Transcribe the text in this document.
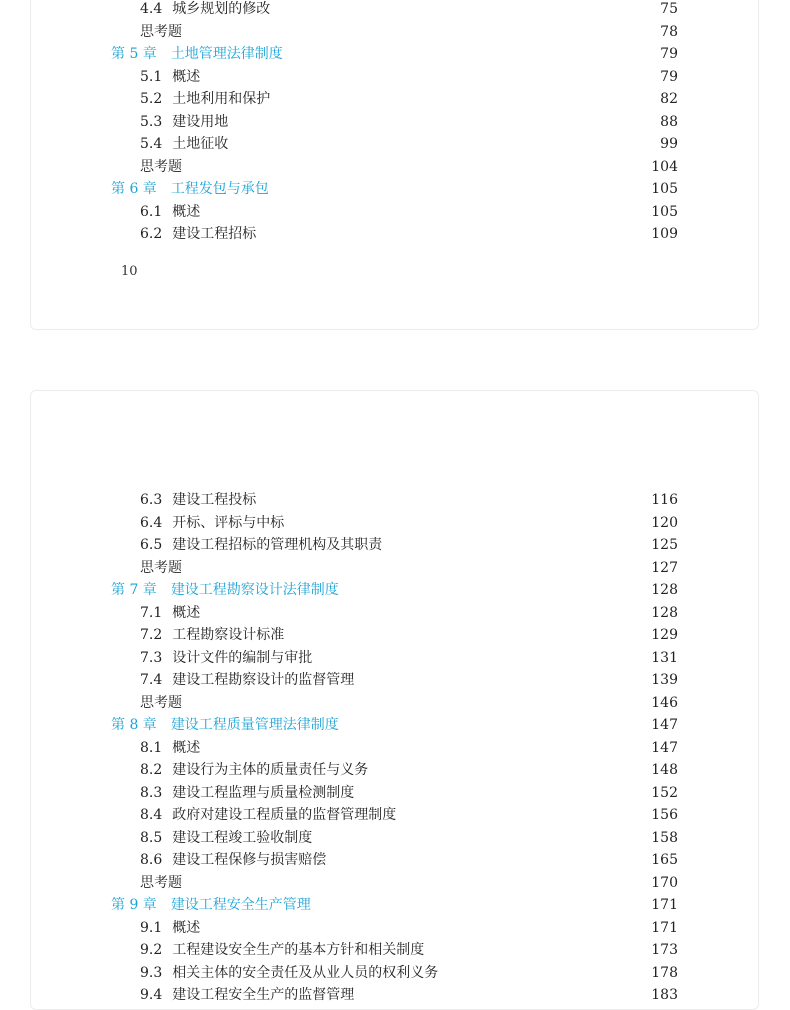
4.4 城乡规划的修改	75
思考题	78
第 5 章 土地管理法律制度	79
5.1 概述	79
5.2 土地利用和保护	82
5.3 建设用地	88
5.4 土地征收	99
思考题	104
第 6 章 工程发包与承包	105
6.1 概述	105
6.2 建设工程招标	109
10
6.3 建设工程投标	116
6.4 开标、评标与中标	120
6.5 建设工程招标的管理机构及其职责	125
思考题	127
第 7 章 建设工程勘察设计法律制度	128
7.1 概述	128
7.2 工程勘察设计标准	129
7.3 设计文件的编制与审批	131
7.4 建设工程勘察设计的监督管理	139
思考题	146
第 8 章 建设工程质量管理法律制度	147
8.1 概述	147
8.2 建设行为主体的质量责任与义务	148
8.3 建设工程监理与质量检测制度	152
8.4 政府对建设工程质量的监督管理制度	156
8.5 建设工程竣工验收制度	158
8.6 建设工程保修与损害赔偿	165
思考题	170
第 9 章 建设工程安全生产管理	171
9.1 概述	171
9.2 工程建设安全生产的基本方针和相关制度	173
9.3 相关主体的安全责任及从业人员的权利义务	178
9.4 建设工程安全生产的监督管理	183
